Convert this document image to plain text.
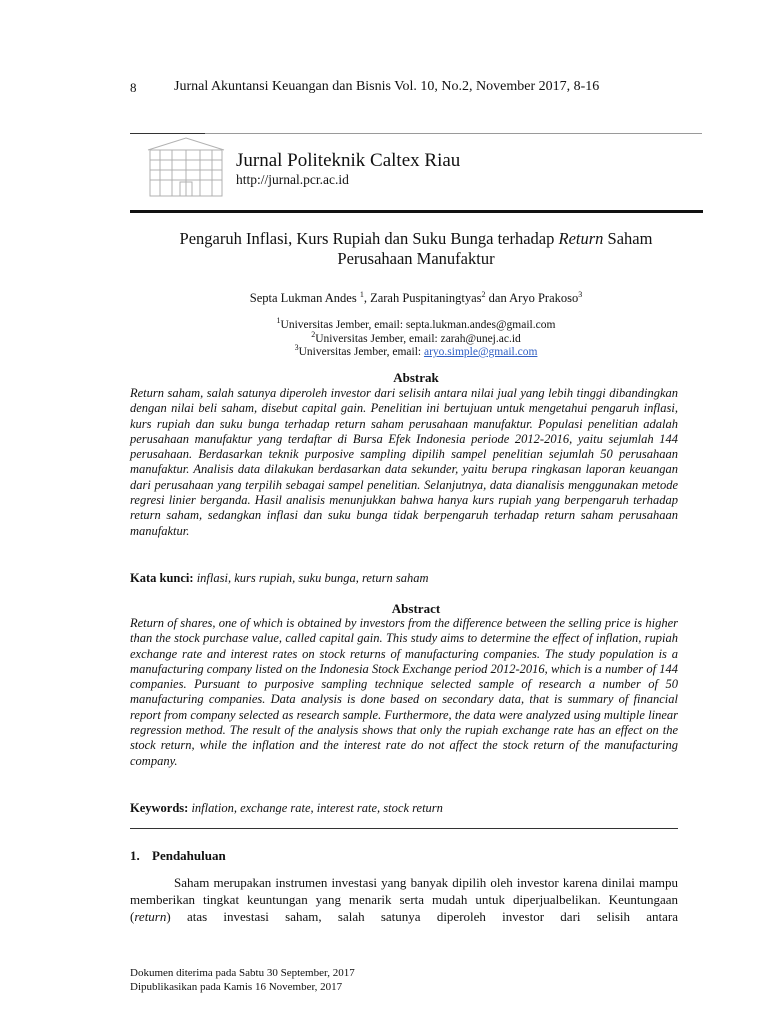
8	Jurnal Akuntansi Keuangan dan Bisnis Vol. 10, No.2, November 2017, 8-16
Jurnal Politeknik Caltex Riau
http://jurnal.pcr.ac.id
Pengaruh Inflasi, Kurs Rupiah dan Suku Bunga terhadap Return Saham
Perusahaan Manufaktur
Septa Lukman Andes $^1$, Zarah Puspitaningtyas$^2$ dan Aryo Prakoso$^3$
$^1$Universitas Jember, email: septa.lukman.andes@gmail.com
$^2$Universitas Jember, email: zarah@unej.ac.id
$^3$Universitas Jember, email: aryo.simple@gmail.com
Abstrak
Return saham, salah satunya diperoleh investor dari selisih antara nilai jual yang lebih tinggi dibandingkan dengan nilai beli saham, disebut capital gain. Penelitian ini bertujuan untuk mengetahui pengaruh inflasi, kurs rupiah dan suku bunga terhadap return saham perusahaan manufaktur. Populasi penelitian adalah perusahaan manufaktur yang terdaftar di Bursa Efek Indonesia periode 2012-2016, yaitu sejumlah 144 perusahaan. Berdasarkan teknik purposive sampling dipilih sampel penelitian sejumlah 50 perusahaan manufaktur. Analisis data dilakukan berdasarkan data sekunder, yaitu berupa ringkasan laporan keuangan dari perusahaan yang terpilih sebagai sampel penelitian. Selanjutnya, data dianalisis menggunakan metode regresi linier berganda. Hasil analisis menunjukkan bahwa hanya kurs rupiah yang berpengaruh terhadap return saham, sedangkan inflasi dan suku bunga tidak berpengaruh terhadap return saham perusahaan manufaktur.
Kata kunci: inflasi, kurs rupiah, suku bunga, return saham
Abstract
Return of shares, one of which is obtained by investors from the difference between the selling price is higher than the stock purchase value, called capital gain. This study aims to determine the effect of inflation, rupiah exchange rate and interest rates on stock returns of manufacturing companies. The study population is a manufacturing company listed on the Indonesia Stock Exchange period 2012-2016, which is a number of 144 companies. Pursuant to purposive sampling technique selected sample of research a number of 50 manufacturing companies. Data analysis is done based on secondary data, that is summary of financial report from company selected as research sample. Furthermore, the data were analyzed using multiple linear regression method. The result of the analysis shows that only the rupiah exchange rate has an effect on the stock return, while the inflation and the interest rate do not affect the stock return of the manufacturing company.
Keywords: inflation, exchange rate, interest rate, stock return
1. Pendahuluan
Saham merupakan instrumen investasi yang banyak dipilih oleh investor karena dinilai mampu memberikan tingkat keuntungan yang menarik serta mudah untuk diperjualbelikan. Keuntungaan (return) atas investasi saham, salah satunya diperoleh investor dari selisih antara
Dokumen diterima pada Sabtu 30 September, 2017
Dipublikasikan pada Kamis 16 November, 2017
